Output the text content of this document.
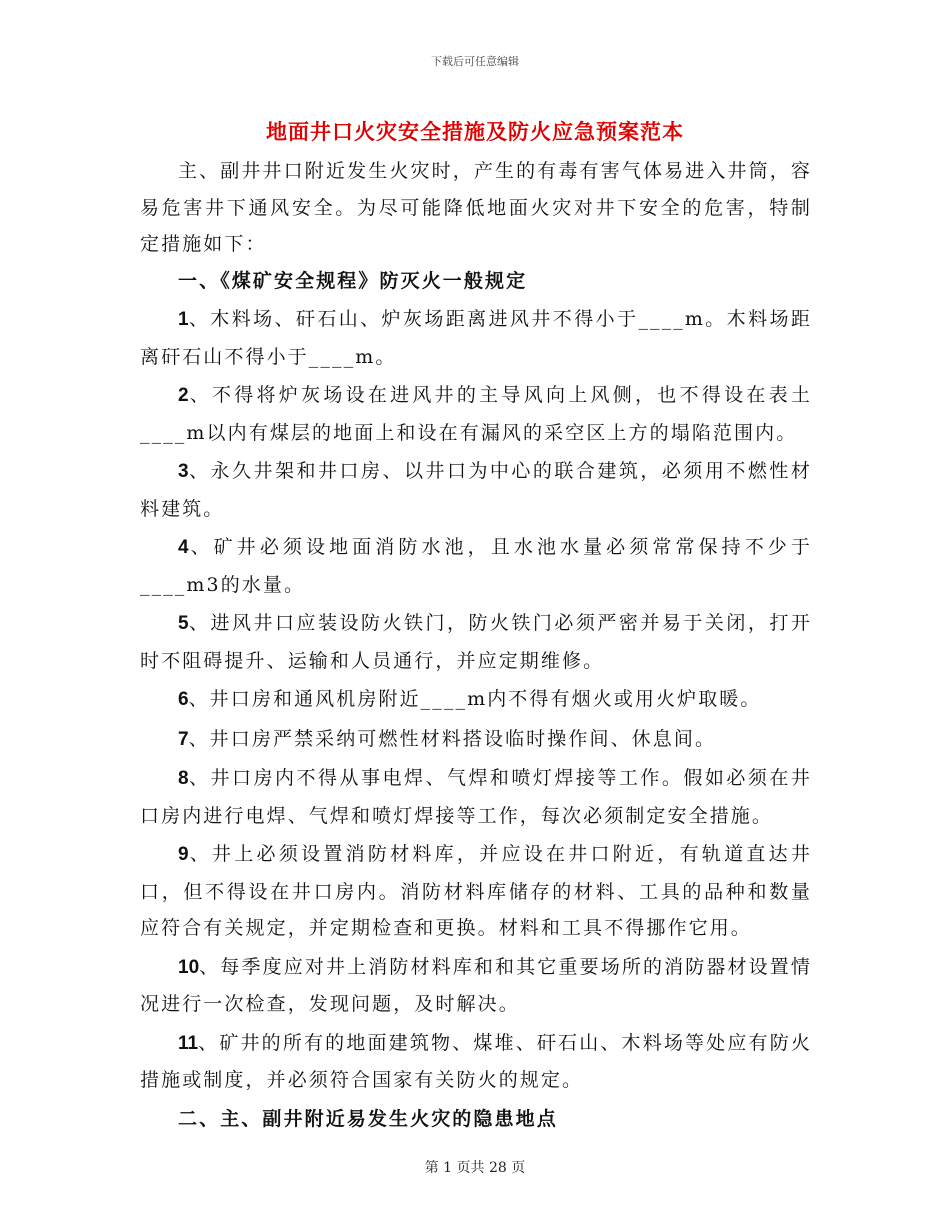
下载后可任意编辑
地面井口火灾安全措施及防火应急预案范本

主、副井井口附近发生火灾时，产生的有毒有害气体易进入井筒，容易危害井下通风安全。为尽可能降低地面火灾对井下安全的危害，特制定措施如下：

一、《煤矿安全规程》防灭火一般规定

1、木料场、矸石山、炉灰场距离进风井不得小于____m。木料场距离矸石山不得小于____m。

2、不得将炉灰场设在进风井的主导风向上风侧，也不得设在表土____m以内有煤层的地面上和设在有漏风的采空区上方的塌陷范围内。

3、永久井架和井口房、以井口为中心的联合建筑，必须用不燃性材料建筑。

4、矿井必须设地面消防水池，且水池水量必须常常保持不少于____m3的水量。

5、进风井口应装设防火铁门，防火铁门必须严密并易于关闭，打开时不阻碍提升、运输和人员通行，并应定期维修。

6、井口房和通风机房附近____m内不得有烟火或用火炉取暖。

7、井口房严禁采纳可燃性材料搭设临时操作间、休息间。

8、井口房内不得从事电焊、气焊和喷灯焊接等工作。假如必须在井口房内进行电焊、气焊和喷灯焊接等工作，每次必须制定安全措施。

9、井上必须设置消防材料库，并应设在井口附近，有轨道直达井口，但不得设在井口房内。消防材料库储存的材料、工具的品种和数量应符合有关规定，并定期检查和更换。材料和工具不得挪作它用。

10、每季度应对井上消防材料库和和其它重要场所的消防器材设置情况进行一次检查，发现问题，及时解决。

11、矿井的所有的地面建筑物、煤堆、矸石山、木料场等处应有防火措施或制度，并必须符合国家有关防火的规定。

二、主、副井附近易发生火灾的隐患地点

第 1 页共 28 页
